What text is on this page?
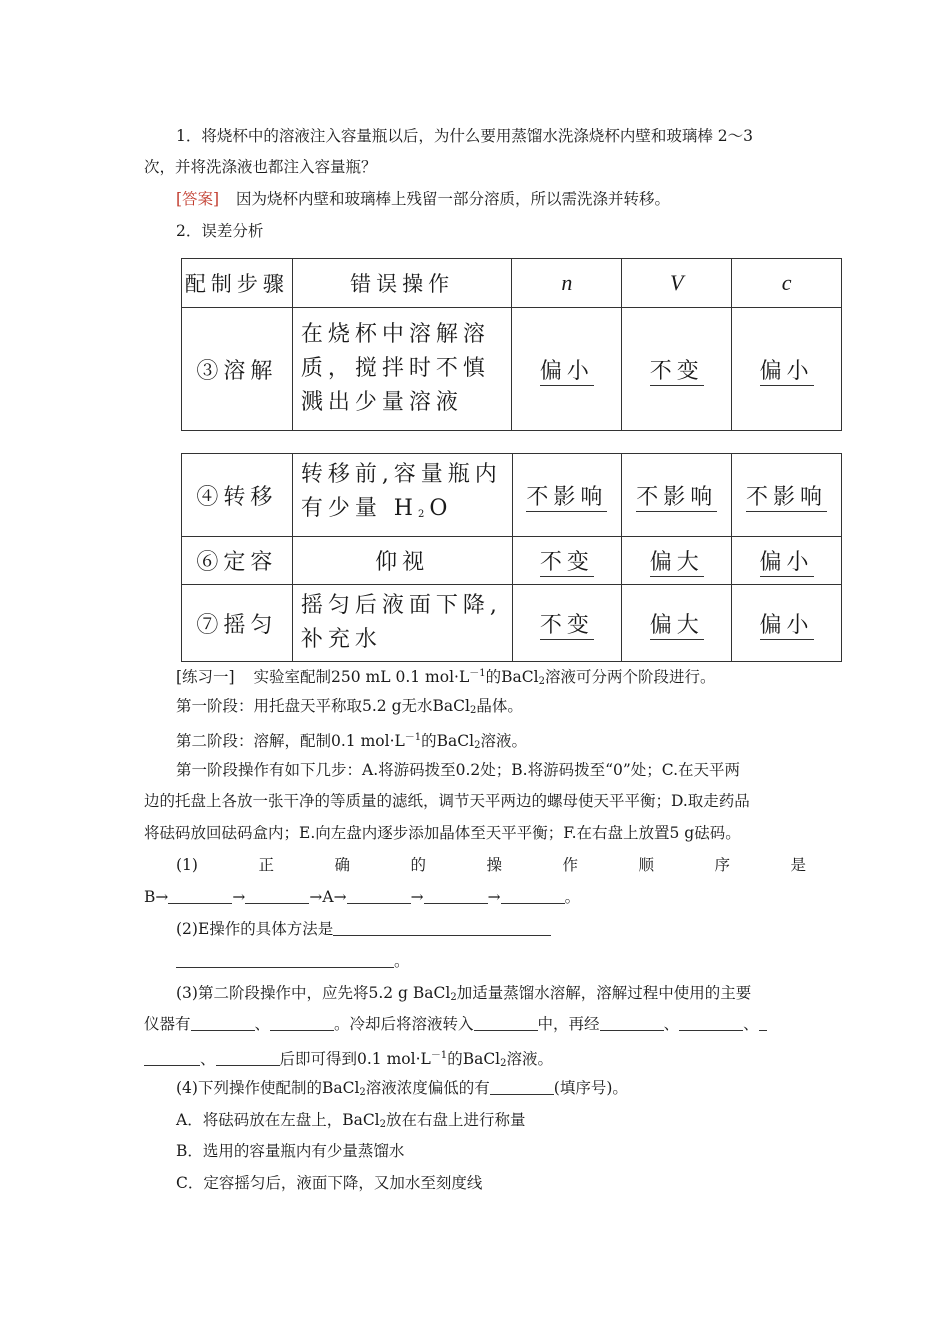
1．将烧杯中的溶液注入容量瓶以后，为什么要用蒸馏水洗涤烧杯内壁和玻璃棒 2～3
次，并将洗涤液也都注入容量瓶？
[答案] 因为烧杯内壁和玻璃棒上残留一部分溶质，所以需洗涤并转移。
2．误差分析
配制步骤	错误操作	n	V	c
③溶解	在烧杯中溶解溶质，搅拌时不慎溅出少量溶液	偏小	不变	偏小
④转移	转移前,容量瓶内有少量 $H_2O$	不影响	不影响	不影响
⑥定容	仰视	不变	偏大	偏小
⑦摇匀	摇匀后液面下降,补充水	不变	偏大	偏小
[练习一] 实验室配制250 mL 0.1 $mol\cdot L^{-1}$的BaCl$_2$溶液可分两个阶段进行。
第一阶段：用托盘天平称取5.2 g无水BaCl$_2$晶体。
第二阶段：溶解，配制0.1 $mol\cdot L^{-1}$的BaCl$_2$溶液。
第一阶段操作有如下几步：A.将游码拨至0.2处；B.将游码拨至“0”处；C.在天平两
边的托盘上各放一张干净的等质量的滤纸，调节天平两边的螺母使天平平衡；D.取走药品
将砝码放回砝码盒内；E.向左盘内逐步添加晶体至天平平衡；F.在右盘上放置5 g砝码。
(1)	正	确	的	操	作	顺	序	是
B→	→	→A→	→	→	。
(2)E操作的具体方法是
。
(3)第二阶段操作中，应先将5.2 g BaCl$_2$加适量蒸馏水溶解，溶解过程中使用的主要
仪器有	、	。冷却后将溶液转入	中，再经	、	、
、	后即可得到0.1 $mol\cdot L^{-1}$的BaCl$_2$溶液。
(4)下列操作使配制的BaCl$_2$溶液浓度偏低的有	(填序号)。
A．将砝码放在左盘上，BaCl$_2$放在右盘上进行称量
B．选用的容量瓶内有少量蒸馏水
C．定容摇匀后，液面下降，又加水至刻度线
